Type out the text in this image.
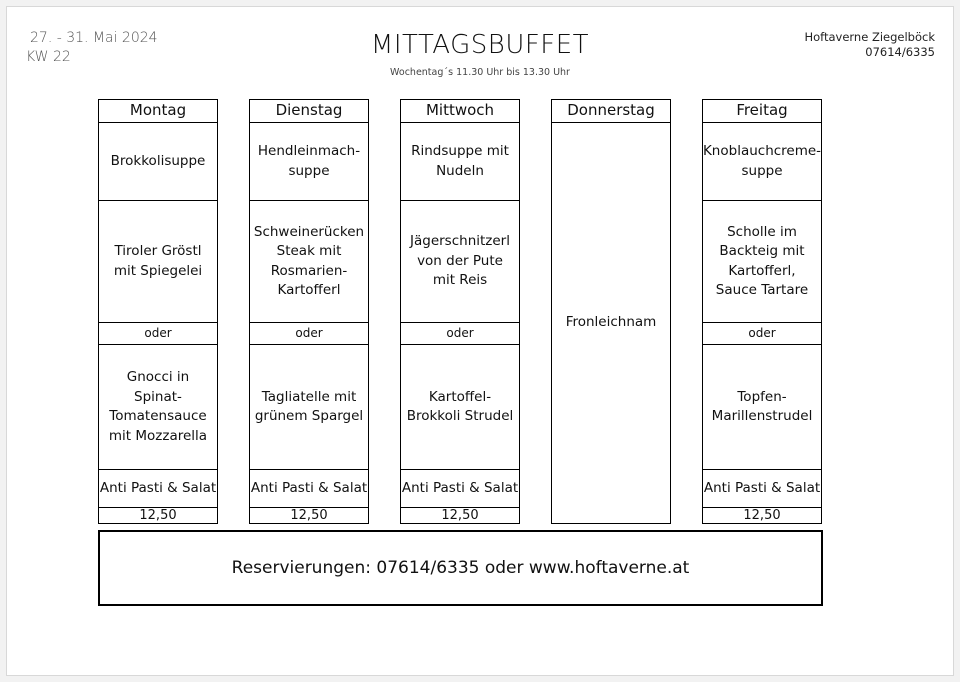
27. - 31. Mai 2024
KW 22	MITTAGSBUFFET
Wochentag´s 11.30 Uhr bis 13.30 Uhr
Hoftaverne Ziegelböck
07614/6335
Montag
Brokkolisuppe
Tiroler Gröstl mit Spiegelei
oder
Gnocci in Spinat-Tomatensauce mit Mozzarella
Anti Pasti & Salat
12,50
Dienstag
Hendleinmach-suppe
Schweinerücken Steak mit Rosmarien-Kartofferl
oder
Tagliatelle mit grünem Spargel
Anti Pasti & Salat
12,50
Mittwoch
Rindsuppe mit Nudeln
Jägerschnitzerl von der Pute mit Reis
oder
Kartoffel-Brokkoli Strudel
Anti Pasti & Salat
12,50
Donnerstag
Fronleichnam
Freitag
Knoblauchcreme-suppe
Scholle im Backteig mit Kartofferl, Sauce Tartare
oder
Topfen-Marillenstrudel
Anti Pasti & Salat
12,50
Reservierungen: 07614/6335 oder www.hoftaverne.at
